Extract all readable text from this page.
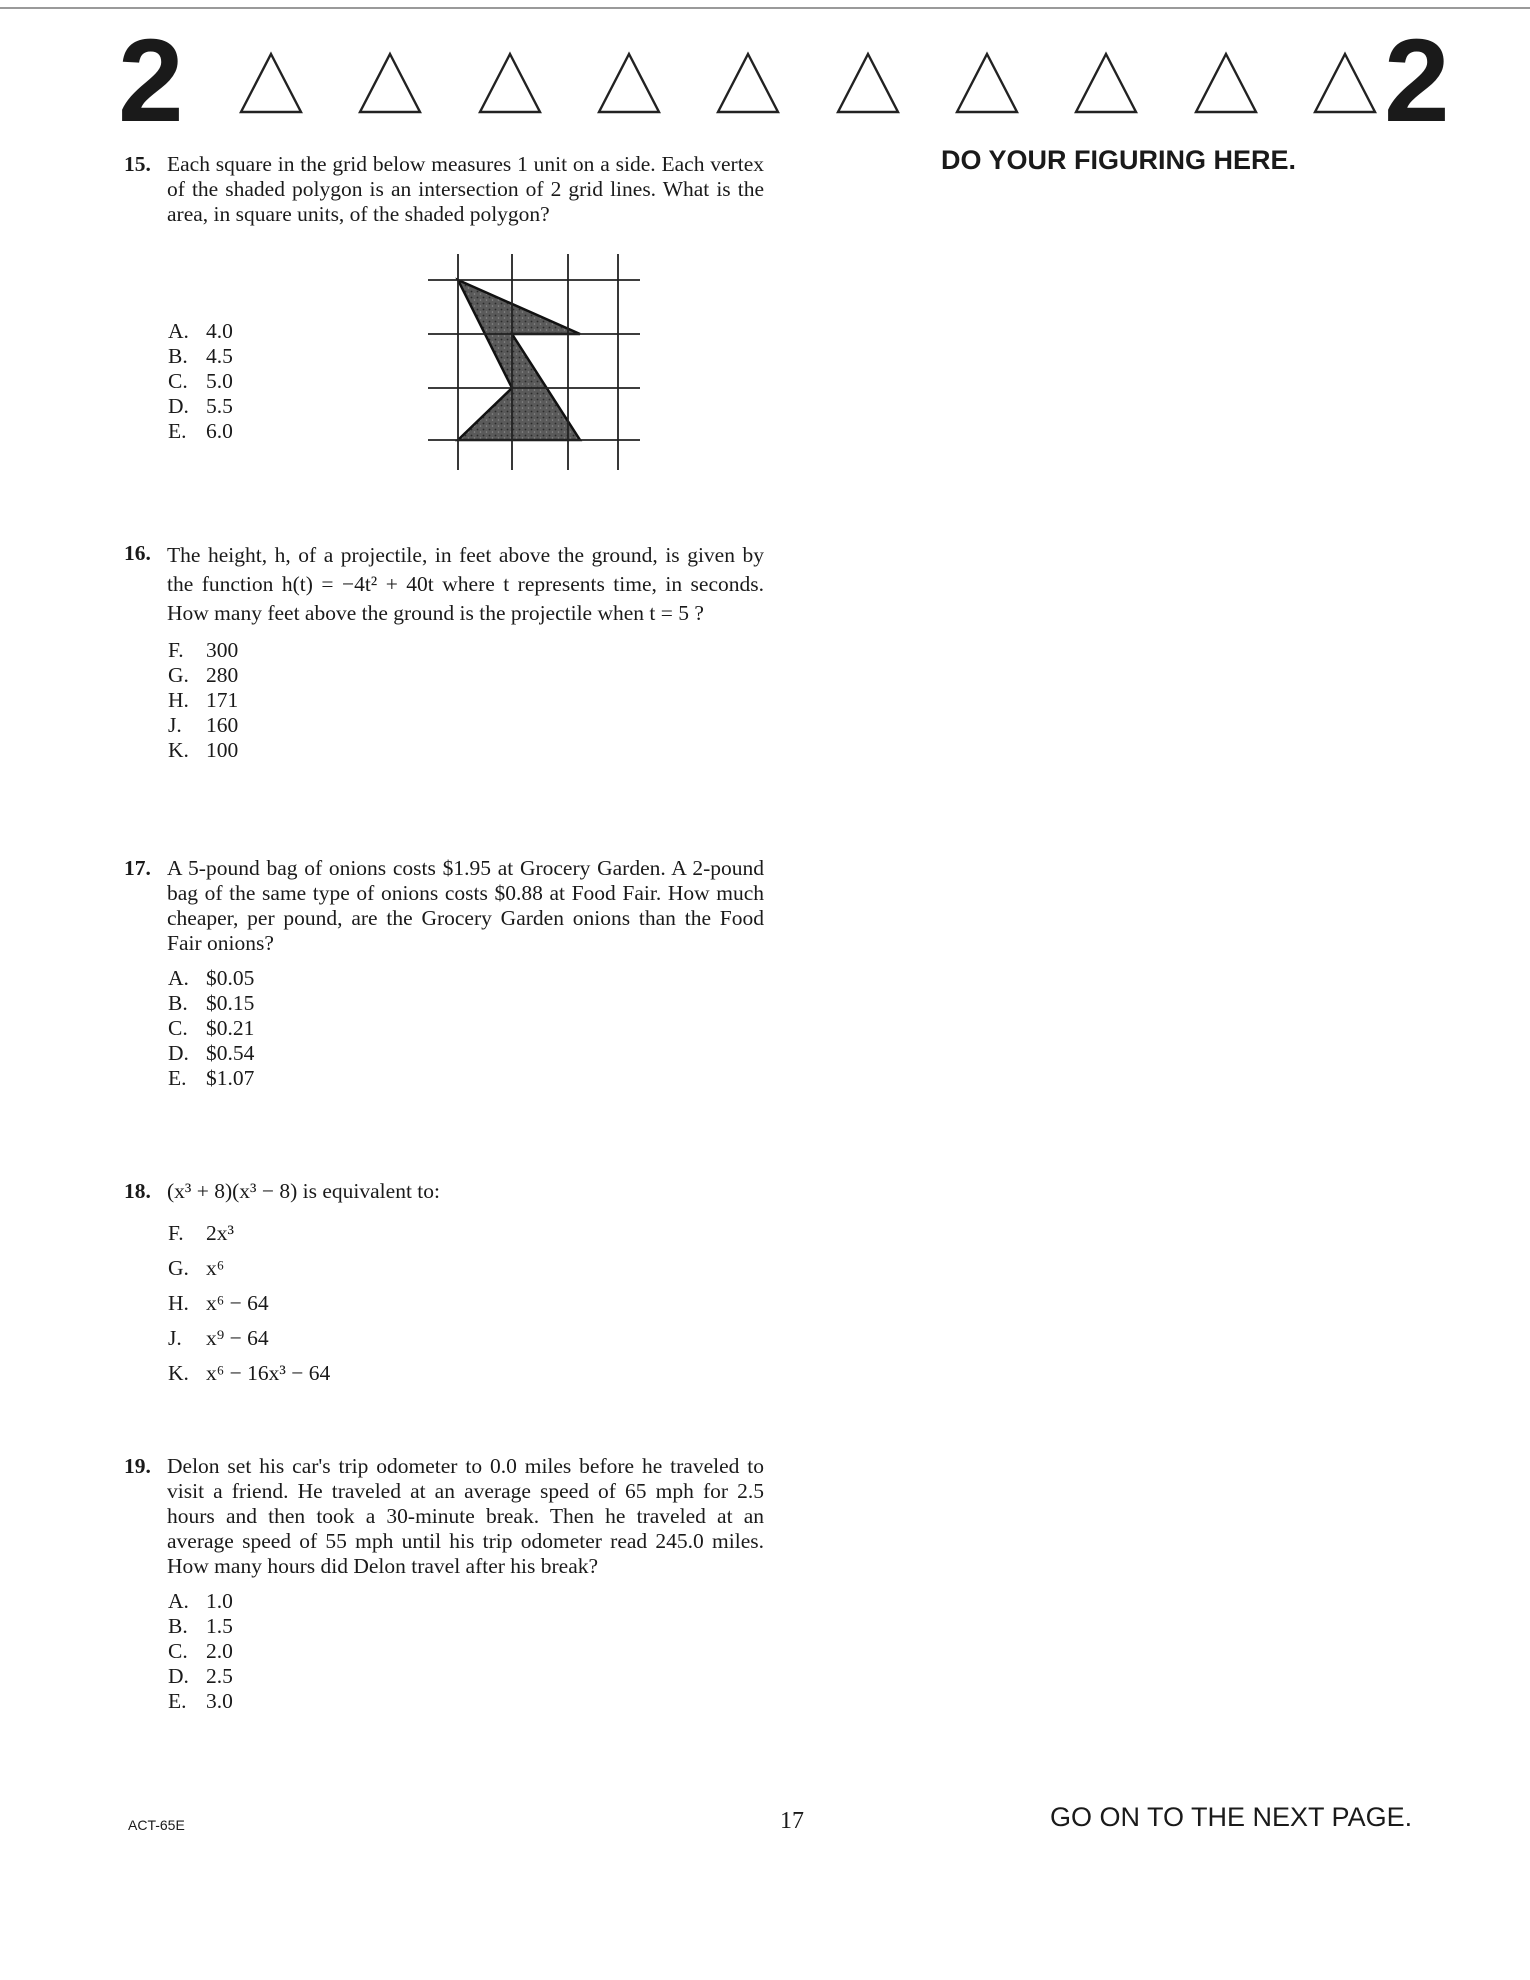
2	2
DO YOUR FIGURING HERE.
15. Each square in the grid below measures 1 unit on a side. Each vertex of the shaded polygon is an intersection of 2 grid lines. What is the area, in square units, of the shaded polygon?
A. 4.0
B. 4.5
C. 5.0
D. 5.5
E. 6.0
16. The height, h, of a projectile, in feet above the ground, is given by the function h(t) = −4t² + 40t where t represents time, in seconds. How many feet above the ground is the projectile when t = 5 ?
F.	300
G. 280
H. 171
J.	160
K. 100
17. A 5-pound bag of onions costs $1.95 at Grocery Garden. A 2-pound bag of the same type of onions costs $0.88 at Food Fair. How much cheaper, per pound, are the Grocery Garden onions than the Food Fair onions?
A. $0.05
B. $0.15
C. $0.21
D. $0.54
E. $1.07
18. (x³ + 8)(x³ − 8) is equivalent to:
F.	2x³
G. x⁶
H. x⁶ − 64
J.	x⁹ − 64
K. x⁶ − 16x³ − 64
19. Delon set his car's trip odometer to 0.0 miles before he traveled to visit a friend. He traveled at an average speed of 65 mph for 2.5 hours and then took a 30-minute break. Then he traveled at an average speed of 55 mph until his trip odometer read 245.0 miles. How many hours did Delon travel after his break?
A. 1.0
B. 1.5
C. 2.0
D. 2.5
E. 3.0
ACT-65E	17	GO ON TO THE NEXT PAGE.
